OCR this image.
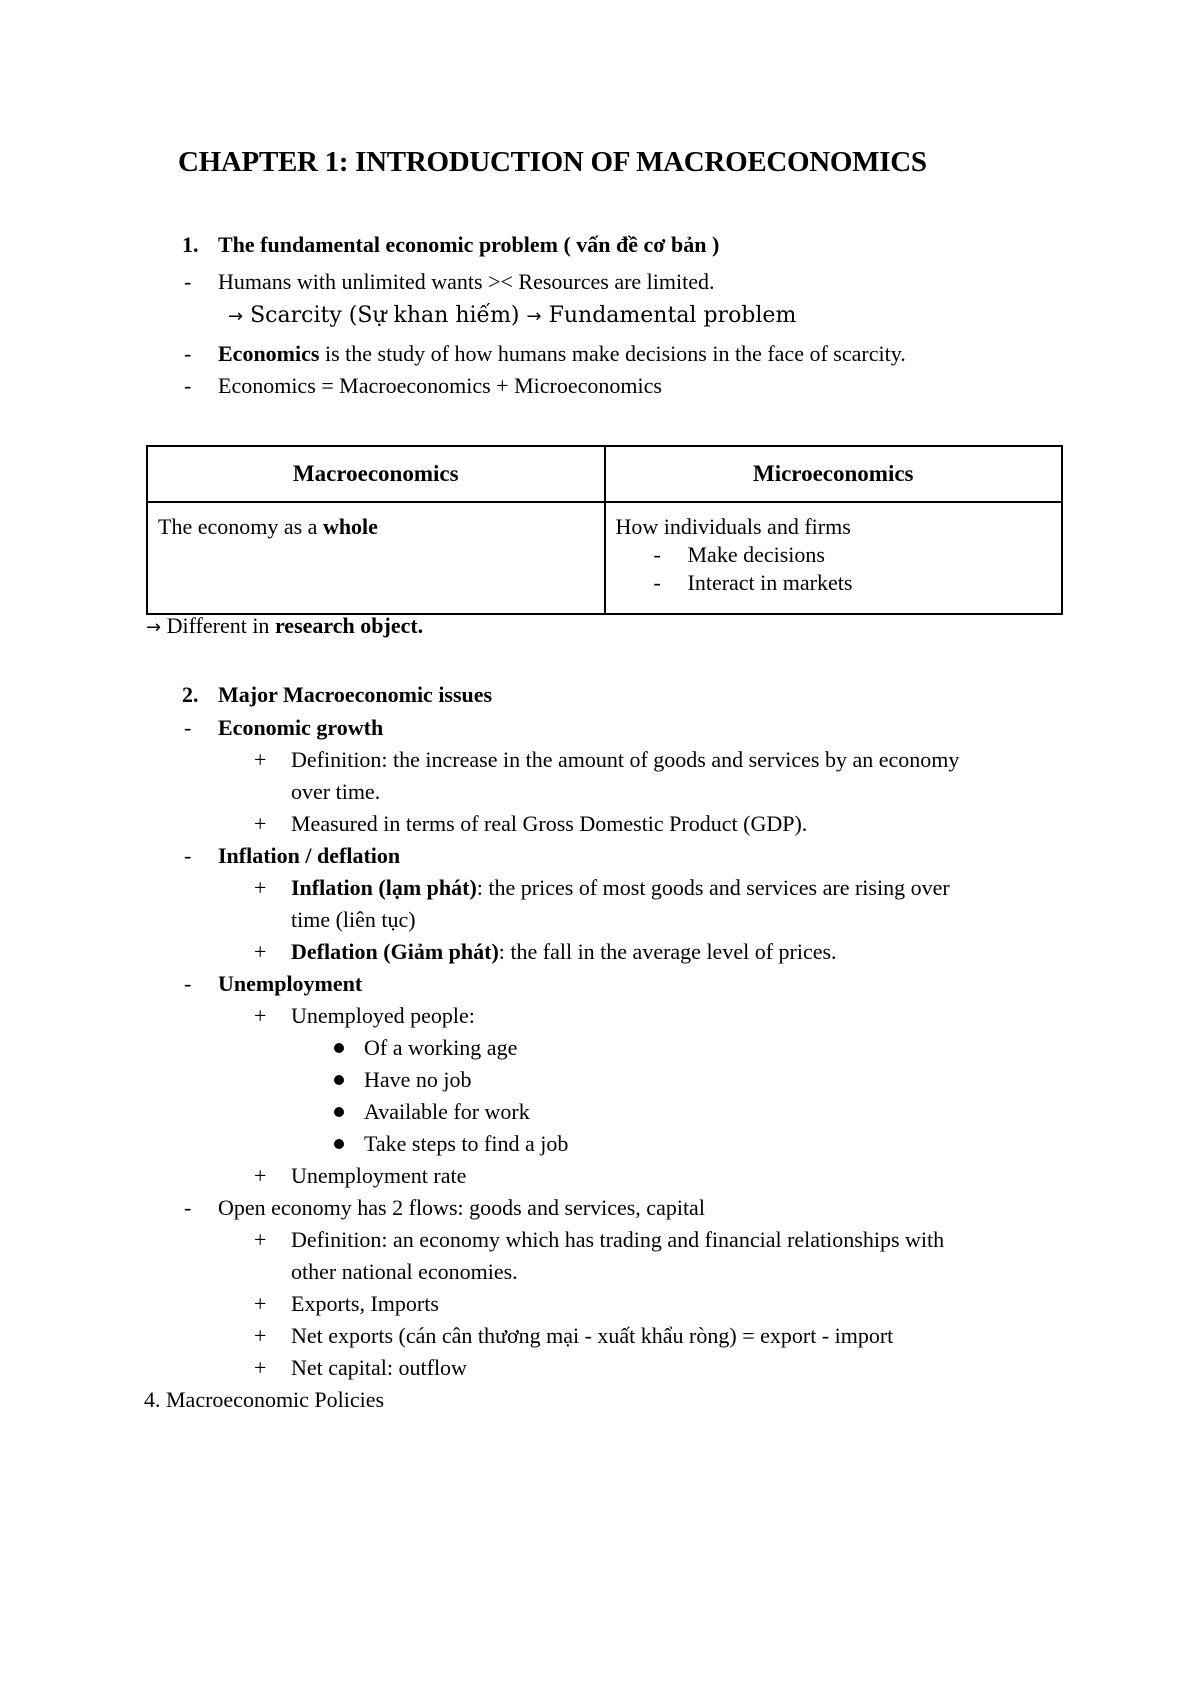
CHAPTER 1: INTRODUCTION OF MACROECONOMICS
1. The fundamental economic problem ( vấn đề cơ bản )
-	Humans with unlimited wants >< Resources are limited.
→ Scarcity (Sự khan hiếm) → Fundamental problem
-	Economics is the study of how humans make decisions in the face of scarcity.
-	Economics = Macroeconomics + Microeconomics
Macroeconomics	Microeconomics
The economy as a whole	How individuals and firms
- Make decisions
- Interact in markets
→ Different in research object.
2. Major Macroeconomic issues
-	Economic growth
+	Definition: the increase in the amount of goods and services by an economy
over time.
+	Measured in terms of real Gross Domestic Product (GDP).
-	Inflation / deflation
+	Inflation (lạm phát): the prices of most goods and services are rising over
time (liên tục)
+	Deflation (Giảm phát): the fall in the average level of prices.
-	Unemployment
+	Unemployed people:
Of a working age
Have no job
Available for work
Take steps to find a job
+	Unemployment rate
-	Open economy has 2 flows: goods and services, capital
+	Definition: an economy which has trading and financial relationships with
other national economies.
+	Exports, Imports
+	Net exports (cán cân thương mại - xuất khẩu ròng) = export - import
+	Net capital: outflow
4. Macroeconomic Policies
